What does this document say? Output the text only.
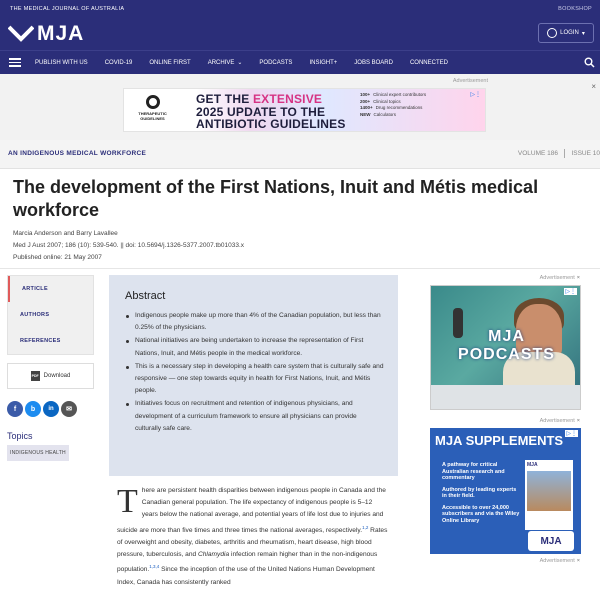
THE MEDICAL JOURNAL OF AUSTRALIA	BOOKSHOP
MJA	LOGIN ▾
PUBLISH WITH US	COVID-19	ONLINE FIRST	ARCHIVE ⌄	PODCASTS	INSIGHT+	JOBS BOARD	CONNECTED
Advertisement
×
THERAPEUTIC
GUIDELINES
GET THE EXTENSIVE
2025 UPDATE TO THE
ANTIBIOTIC GUIDELINES
100+ Clinical expert contributors
200+ Clinical topics
1400+ Drug recommendations
NEW Calculators
▷⋮
AN INDIGENOUS MEDICAL WORKFORCE	VOLUME 186 ISSUE 10
The development of the First Nations, Inuit and Métis medical workforce
Marcia Anderson and Barry Lavallee
Med J Aust 2007; 186 (10): 539-540. || doi: 10.5694/j.1326-5377.2007.tb01033.x
Published online: 21 May 2007
ARTICLE
AUTHORS
REFERENCES
PDF Download
f	b	in	✉
Topics
INDIGENOUS HEALTH
Abstract
Indigenous people make up more than 4% of the Canadian population, but less than 0.25% of the physicians.
National initiatives are being undertaken to increase the representation of First Nations, Inuit, and Métis people in the medical workforce.
This is a necessary step in developing a health care system that is culturally safe and responsive — one step towards equity in health for First Nations, Inuit, and Métis people.
Initiatives focus on recruitment and retention of indigenous physicians, and development of a curriculum framework to ensure all physicians can provide culturally safe care.
T here are persistent health disparities between indigenous people in Canada and the Canadian general population. The life expectancy of indigenous people is 5–12 years below the national average, and potential years of life lost due to injuries and suicide are more than five times and three times the national averages, respectively.$^{1,2}$ Rates of overweight and obesity, diabetes, arthritis and rheumatism, heart disease, high blood pressure, tuberculosis, and Chlamydia infection remain higher than in the non-indigenous population.$^{1,3,4}$ Since the inception of the use of the United Nations Human Development Index, Canada has consistently ranked
Advertisement ×
MJA
PODCASTS
▷⋮
Advertisement ×
MJA SUPPLEMENTS

A pathway for critical Australian research and commentary

Authored by leading experts in their field.

Accessible to over 24,000 subscribers and via the Wiley Online Library

MJA
MJA
▷⋮
Advertisement ×
